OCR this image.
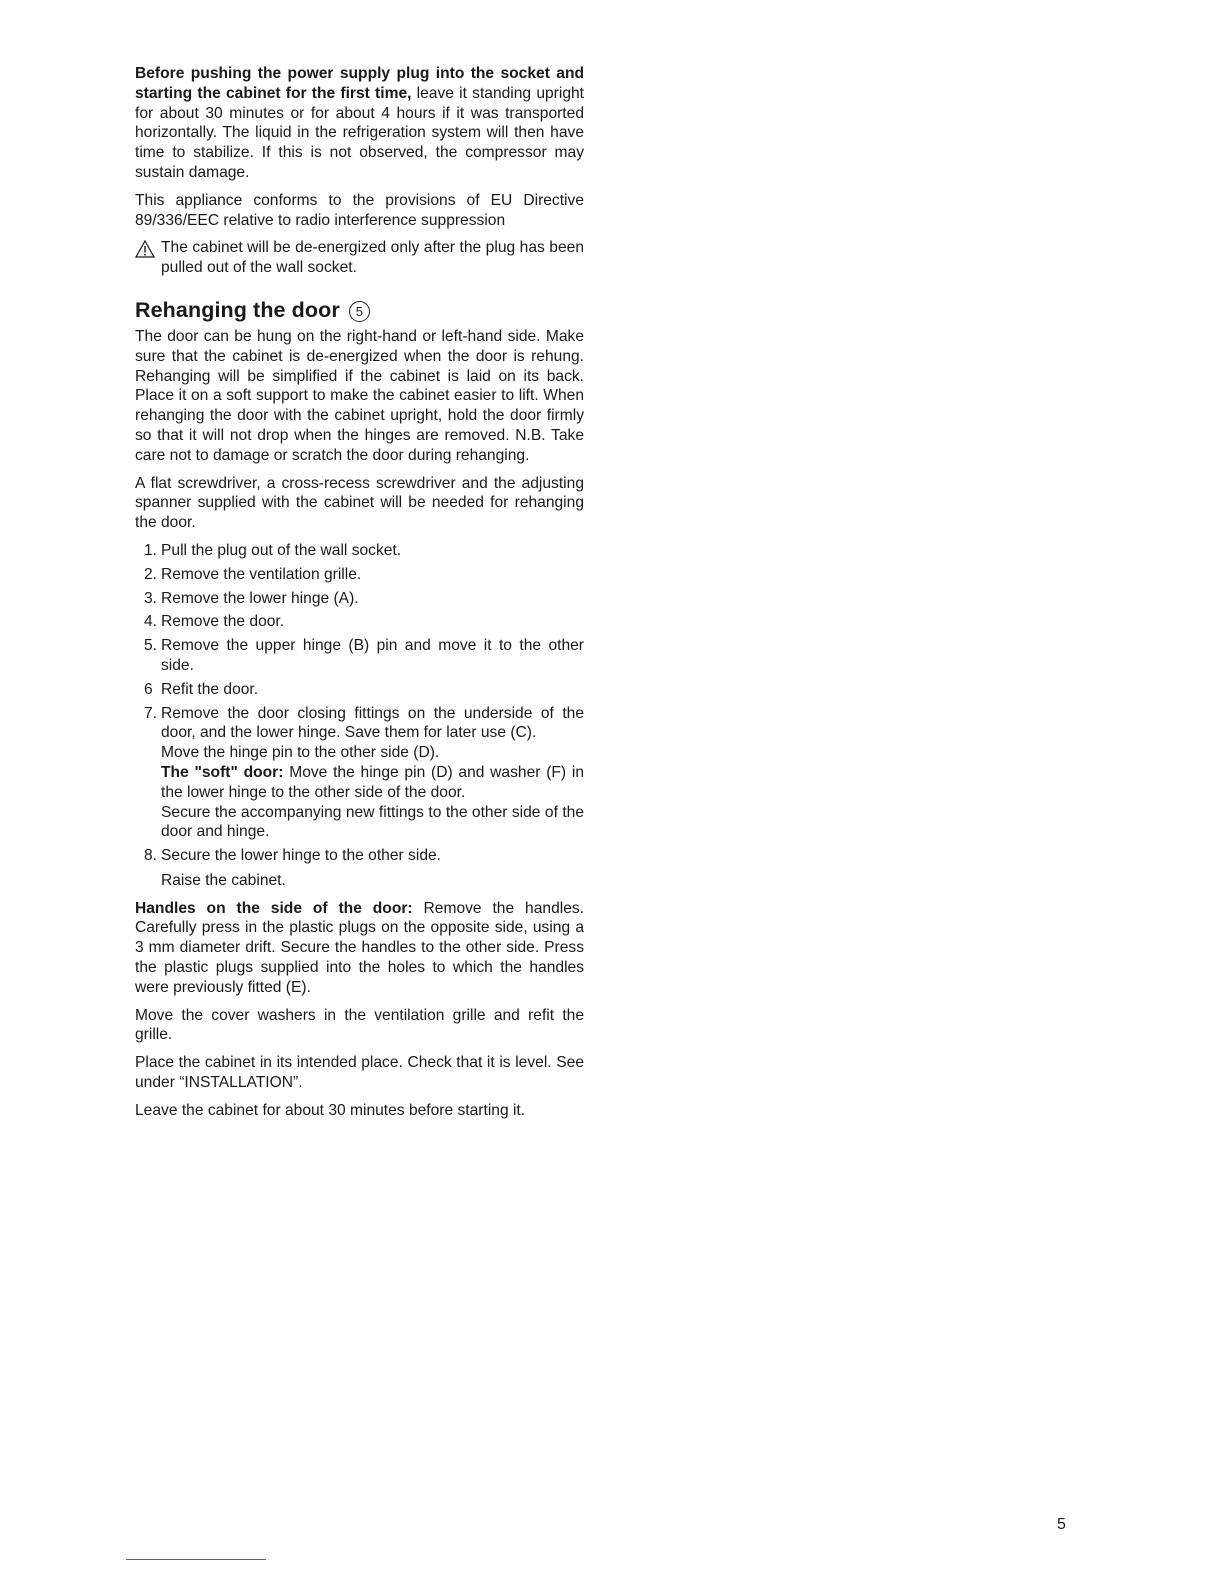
Before pushing the power supply plug into the socket and starting the cabinet for the first time, leave it standing upright for about 30 minutes or for about 4 hours if it was transported horizontally. The liquid in the refrigeration system will then have time to stabilize. If this is not observed, the compressor may sustain damage.

This appliance conforms to the provisions of EU Directive 89/336/EEC relative to radio interference suppression

The cabinet will be de-energized only after the plug has been pulled out of the wall socket.
Rehanging the door 5

The door can be hung on the right-hand or left-hand side. Make sure that the cabinet is de-energized when the door is rehung. Rehanging will be simplified if the cabinet is laid on its back. Place it on a soft support to make the cabinet easier to lift. When rehanging the door with the cabinet upright, hold the door firmly so that it will not drop when the hinges are removed. N.B. Take care not to damage or scratch the door during rehanging.

A flat screwdriver, a cross-recess screwdriver and the adjusting spanner supplied with the cabinet will be needed for rehanging the door.

1. Pull the plug out of the wall socket.
2. Remove the ventilation grille.
3. Remove the lower hinge (A).
4. Remove the door.
5. Remove the upper hinge (B) pin and move it to the other side.
6 Refit the door.
7. Remove the door closing fittings on the underside of the door, and the lower hinge. Save them for later use (C).
Move the hinge pin to the other side (D).
The "soft" door: Move the hinge pin (D) and washer (F) in the lower hinge to the other side of the door.
Secure the accompanying new fittings to the other side of the door and hinge.
8. Secure the lower hinge to the other side.
Raise the cabinet.

Handles on the side of the door: Remove the handles. Carefully press in the plastic plugs on the opposite side, using a 3 mm diameter drift. Secure the handles to the other side. Press the plastic plugs supplied into the holes to which the handles were previously fitted (E).

Move the cover washers in the ventilation grille and refit the grille.

Place the cabinet in its intended place. Check that it is level. See under “INSTALLATION”.

Leave the cabinet for about 30 minutes before starting it.

5
